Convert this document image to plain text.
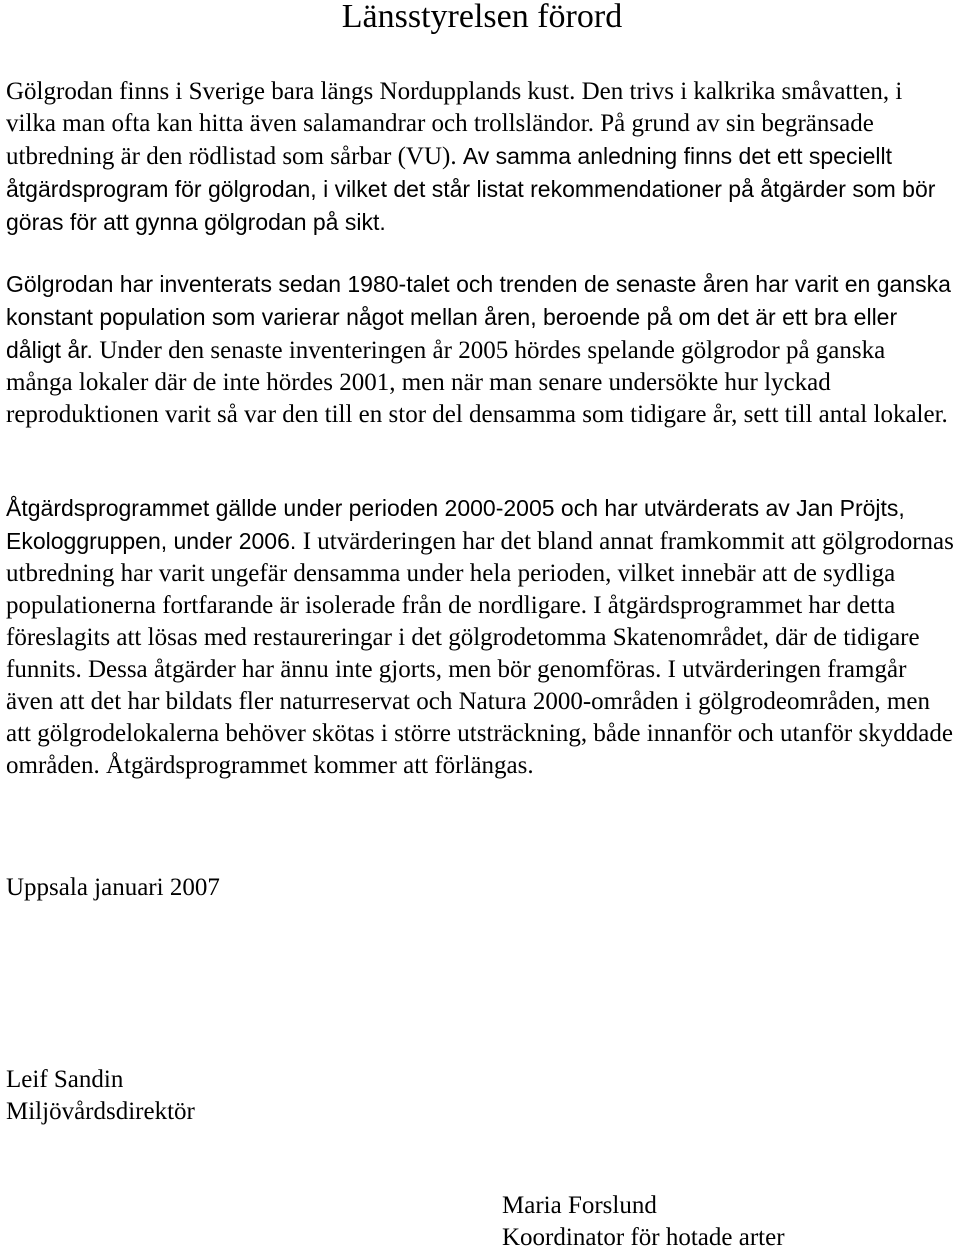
Länsstyrelsen förord

Gölgrodan finns i Sverige bara längs Nordupplands kust. Den trivs i kalkrika småvatten, i vilka man ofta kan hitta även salamandrar och trollsländor. På grund av sin begränsade utbredning är den rödlistad som sårbar (VU). Av samma anledning finns det ett speciellt åtgärdsprogram för gölgrodan, i vilket det står listat rekommendationer på åtgärder som bör göras för att gynna gölgrodan på sikt.

Gölgrodan har inventerats sedan 1980-talet och trenden de senaste åren har varit en ganska konstant population som varierar något mellan åren, beroende på om det är ett bra eller dåligt år. Under den senaste inventeringen år 2005 hördes spelande gölgrodor på ganska många lokaler där de inte hördes 2001, men när man senare undersökte hur lyckad reproduktionen varit så var den till en stor del densamma som tidigare år, sett till antal lokaler.

Åtgärdsprogrammet gällde under perioden 2000-2005 och har utvärderats av Jan Pröjts, Ekologgruppen, under 2006. I utvärderingen har det bland annat framkommit att gölgrodornas utbredning har varit ungefär densamma under hela perioden, vilket innebär att de sydliga populationerna fortfarande är isolerade från de nordligare. I åtgärdsprogrammet har detta föreslagits att lösas med restaureringar i det gölgrodetomma Skatenområdet, där de tidigare funnits. Dessa åtgärder har ännu inte gjorts, men bör genomföras. I utvärderingen framgår även att det har bildats fler naturreservat och Natura 2000-områden i gölgrodeområden, men att gölgrodelokalerna behöver skötas i större utsträckning, både innanför och utanför skyddade områden. Åtgärdsprogrammet kommer att förlängas.

Uppsala januari 2007

Leif Sandin

Miljövårdsdirektör

Maria Forslund

Koordinator för hotade arter
